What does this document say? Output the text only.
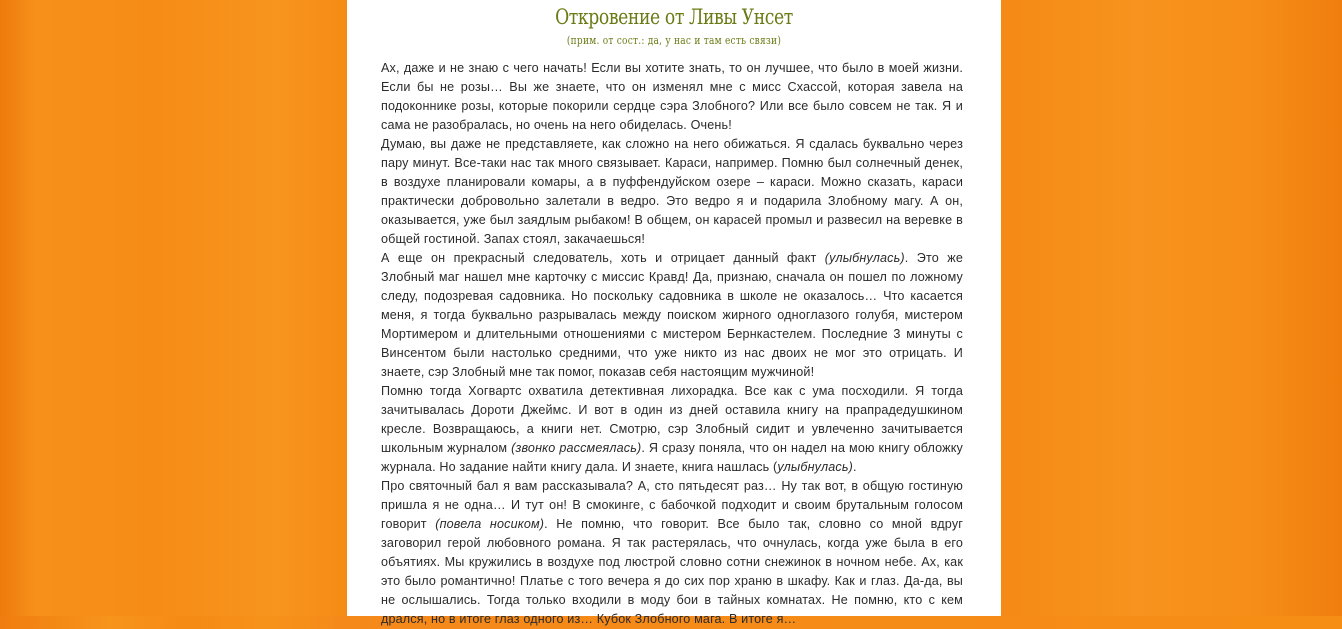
Откровение от Ливы Унсет
(прим. от сост.: да, у нас и там есть связи)

Ах, даже и не знаю с чего начать! Если вы хотите знать, то он лучшее, что было в моей жизни. Если бы не розы… Вы же знаете, что он изменял мне с мисс Схассой, которая завела на подоконнике розы, которые покорили сердце сэра Злобного? Или все было совсем не так. Я и сама не разобралась, но очень на него обиделась. Очень!

Думаю, вы даже не представляете, как сложно на него обижаться. Я сдалась буквально через пару минут. Все-таки нас так много связывает. Караси, например. Помню был солнечный денек, в воздухе планировали комары, а в пуффендуйском озере – караси. Можно сказать, караси практически добровольно залетали в ведро. Это ведро я и подарила Злобному магу. А он, оказывается, уже был заядлым рыбаком! В общем, он карасей промыл и развесил на веревке в общей гостиной. Запах стоял, закачаешься!

А еще он прекрасный следователь, хоть и отрицает данный факт (улыбнулась). Это же Злобный маг нашел мне карточку с миссис Кравд! Да, признаю, сначала он пошел по ложному следу, подозревая садовника. Но поскольку садовника в школе не оказалось… Что касается меня, я тогда буквально разрывалась между поиском жирного одноглазого голубя, мистером Мортимером и длительными отношениями с мистером Бернкастелем. Последние 3 минуты с Винсентом были настолько средними, что уже никто из нас двоих не мог это отрицать. И знаете, сэр Злобный мне так помог, показав себя настоящим мужчиной!

Помню тогда Хогвартс охватила детективная лихорадка. Все как с ума посходили. Я тогда зачитывалась Дороти Джеймс. И вот в один из дней оставила книгу на прапрадедушкином кресле. Возвращаюсь, а книги нет. Смотрю, сэр Злобный сидит и увлеченно зачитывается школьным журналом (звонко рассмеялась). Я сразу поняла, что он надел на мою книгу обложку журнала. Но задание найти книгу дала. И знаете, книга нашлась (улыбнулась).

Про святочный бал я вам рассказывала? А, сто пятьдесят раз… Ну так вот, в общую гостиную пришла я не одна… И тут он! В смокинге, с бабочкой подходит и своим брутальным голосом говорит (повела носиком). Не помню, что говорит. Все было так, словно со мной вдруг заговорил герой любовного романа. Я так растерялась, что очнулась, когда уже была в его объятиях. Мы кружились в воздухе под люстрой словно сотни снежинок в ночном небе. Ах, как это было романтично! Платье с того вечера я до сих пор храню в шкафу. Как и глаз. Да-да, вы не ослышались. Тогда только входили в моду бои в тайных комнатах. Не помню, кто с кем дрался, но в итоге глаз одного из… Кубок Злобного мага. В итоге я…
